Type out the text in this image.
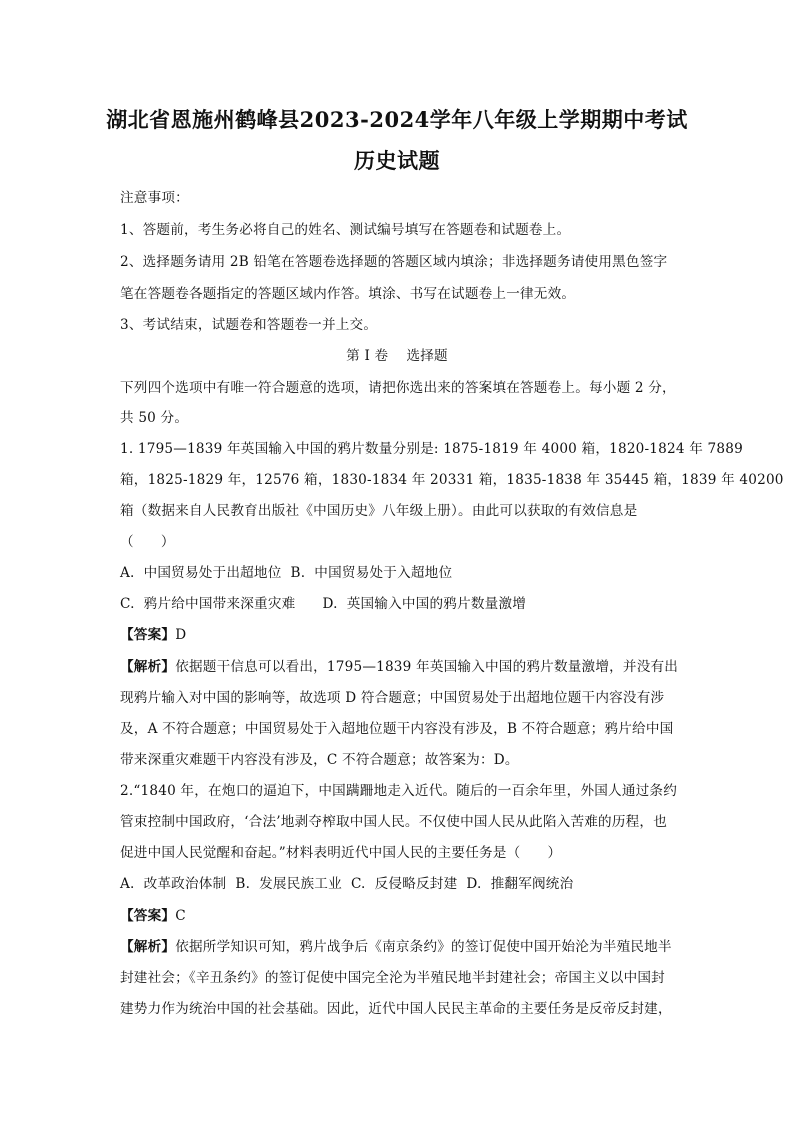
湖北省恩施州鹤峰县2023-2024学年八年级上学期期中考试
历史试题
注意事项：
1、答题前，考生务必将自己的姓名、测试编号填写在答题卷和试题卷上。
2、选择题务请用 2B 铅笔在答题卷选择题的答题区域内填涂；非选择题务请使用黑色签字
笔在答题卷各题指定的答题区域内作答。填涂、书写在试题卷上一律无效。
3、考试结束，试题卷和答题卷一并上交。
第 I 卷    选择题
下列四个选项中有唯一符合题意的选项，请把你选出来的答案填在答题卷上。每小题 2 分，
共 50 分。
1. 1795—1839 年英国输入中国的鸦片数量分别是: 1875-1819 年 4000 箱，1820-1824 年 7889
箱，1825-1829 年，12576 箱，1830-1834 年 20331 箱，1835-1838 年 35445 箱，1839 年 40200
箱（数据来自人民教育出版社《中国历史》八年级上册）。由此可以获取的有效信息是
（      ）
A.  中国贸易处于出超地位  B.  中国贸易处于入超地位
C.  鸦片给中国带来深重灾难      D.  英国输入中国的鸦片数量激增
【答案】D
【解析】依据题干信息可以看出，1795—1839 年英国输入中国的鸦片数量激增，并没有出
现鸦片输入对中国的影响等，故选项 D 符合题意；中国贸易处于出超地位题干内容没有涉
及，A 不符合题意；中国贸易处于入超地位题干内容没有涉及，B 不符合题意；鸦片给中国
带来深重灾难题干内容没有涉及，C 不符合题意；故答案为：D。
2.“1840 年，在炮口的逼迫下，中国蹒跚地走入近代。随后的一百余年里，外国人通过条约
管束控制中国政府，‘合法’地剥夺榨取中国人民。不仅使中国人民从此陷入苦难的历程，也
促进中国人民觉醒和奋起。”材料表明近代中国人民的主要任务是（      ）
A.  改革政治体制  B.  发展民族工业  C.  反侵略反封建  D.  推翻军阀统治
【答案】C
【解析】依据所学知识可知，鸦片战争后《南京条约》的签订促使中国开始沦为半殖民地半
封建社会；《辛丑条约》的签订促使中国完全沦为半殖民地半封建社会；帝国主义以中国封
建势力作为统治中国的社会基础。因此，近代中国人民民主革命的主要任务是反帝反封建，
